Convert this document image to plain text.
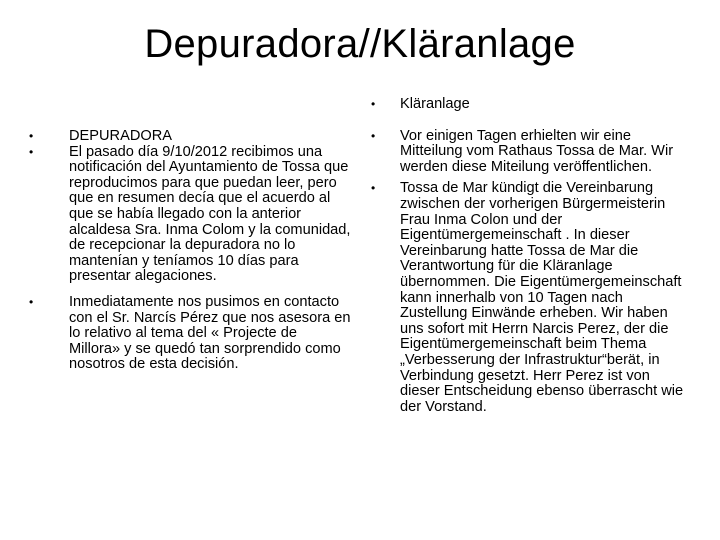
Depuradora//Kläranlage
• DEPURADORA
• El pasado día 9/10/2012 recibimos una notificación del Ayuntamiento de Tossa que reproducimos para que puedan leer, pero que en resumen decía que el acuerdo al que se había llegado con la anterior alcaldesa Sra. Inma Colom y la comunidad, de recepcionar la depuradora no lo mantenían y teníamos 10 días para presentar alegaciones.
• Inmediatamente nos pusimos en contacto con el Sr. Narcís Pérez que nos asesora en lo relativo al tema del « Projecte de Millora» y se quedó tan sorprendido como nosotros de esta decisión.
• Kläranlage
• Vor einigen Tagen erhielten wir eine Mitteilung vom Rathaus Tossa de Mar. Wir werden diese Miteilung veröffentlichen.
• Tossa de Mar kündigt die Vereinbarung zwischen der vorherigen Bürgermeisterin Frau Inma Colon und der Eigentümergemeinschaft . In dieser Vereinbarung hatte Tossa de Mar die Verantwortung für die Kläranlage übernommen. Die Eigentümergemeinschaft kann innerhalb von 10 Tagen nach Zustellung Einwände erheben. Wir haben uns sofort mit Herrn Narcis Perez, der die Eigentümergemeinschaft beim Thema „Verbesserung der Infrastruktur“berät, in Verbindung gesetzt. Herr Perez ist von dieser Entscheidung ebenso überrascht wie der Vorstand.
